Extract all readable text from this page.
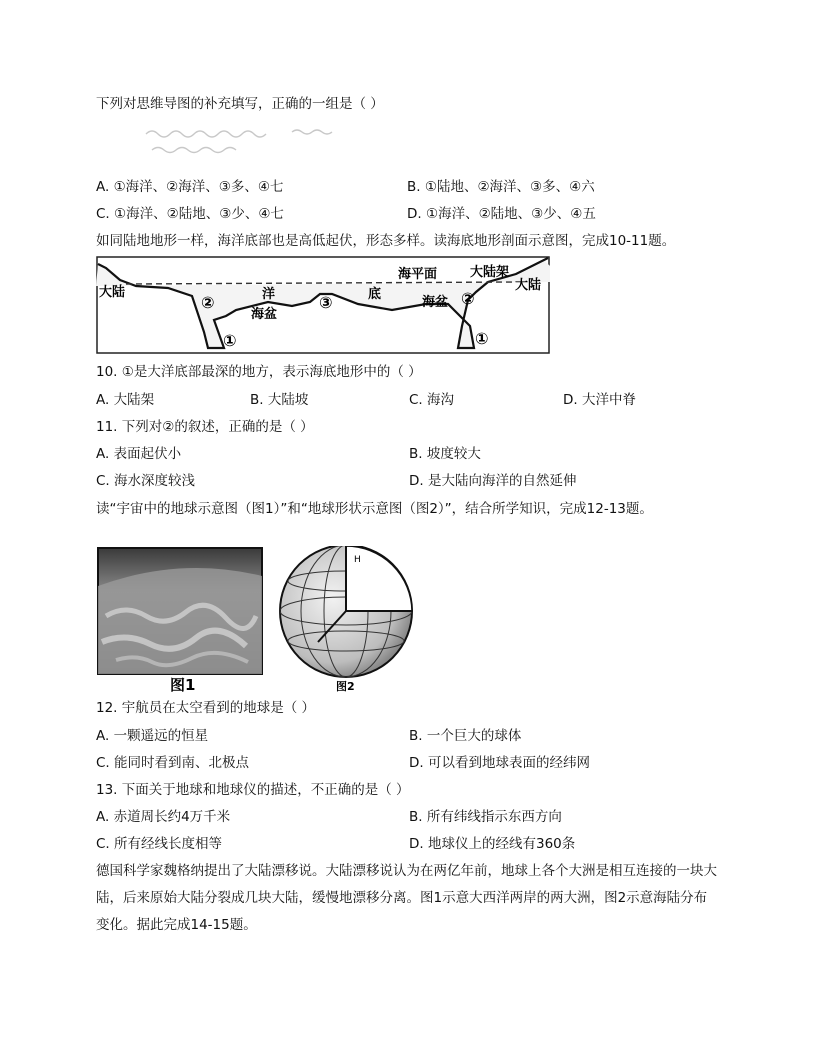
下列对思维导图的补充填写，正确的一组是（ ）
A. ①海洋、②海洋、③多、④七	B. ①陆地、②海洋、③多、④六
C. ①海洋、②陆地、③少、④七	D. ①海洋、②陆地、③少、④五
如同陆地地形一样，海洋底部也是高低起伏，形态多样。读海底地形剖面示意图，完成10-11题。
大陆	大陆
海平面	大陆架
洋	底
海盆
海盆
②	②
③
①	①
10. ①是大洋底部最深的地方，表示海底地形中的（ ）
A. 大陆架	B. 大陆坡	C. 海沟	D. 大洋中脊
11. 下列对②的叙述，正确的是（ ）
A. 表面起伏小	B. 坡度较大
C. 海水深度较浅	D. 是大陆向海洋的自然延伸
读“宇宙中的地球示意图（图1）”和“地球形状示意图（图2）”，结合所学知识，完成12-13题。
图1
H
图2
12. 宇航员在太空看到的地球是（ ）
A. 一颗遥远的恒星	B. 一个巨大的球体
C. 能同时看到南、北极点	D. 可以看到地球表面的经纬网
13. 下面关于地球和地球仪的描述，不正确的是（ ）
A. 赤道周长约4万千米	B. 所有纬线指示东西方向
C. 所有经线长度相等	D. 地球仪上的经线有360条
德国科学家魏格纳提出了大陆漂移说。大陆漂移说认为在两亿年前，地球上各个大洲是相互连接的一块大陆，后来原始大陆分裂成几块大陆，缓慢地漂移分离。图1示意大西洋两岸的两大洲，图2示意海陆分布变化。据此完成14-15题。
